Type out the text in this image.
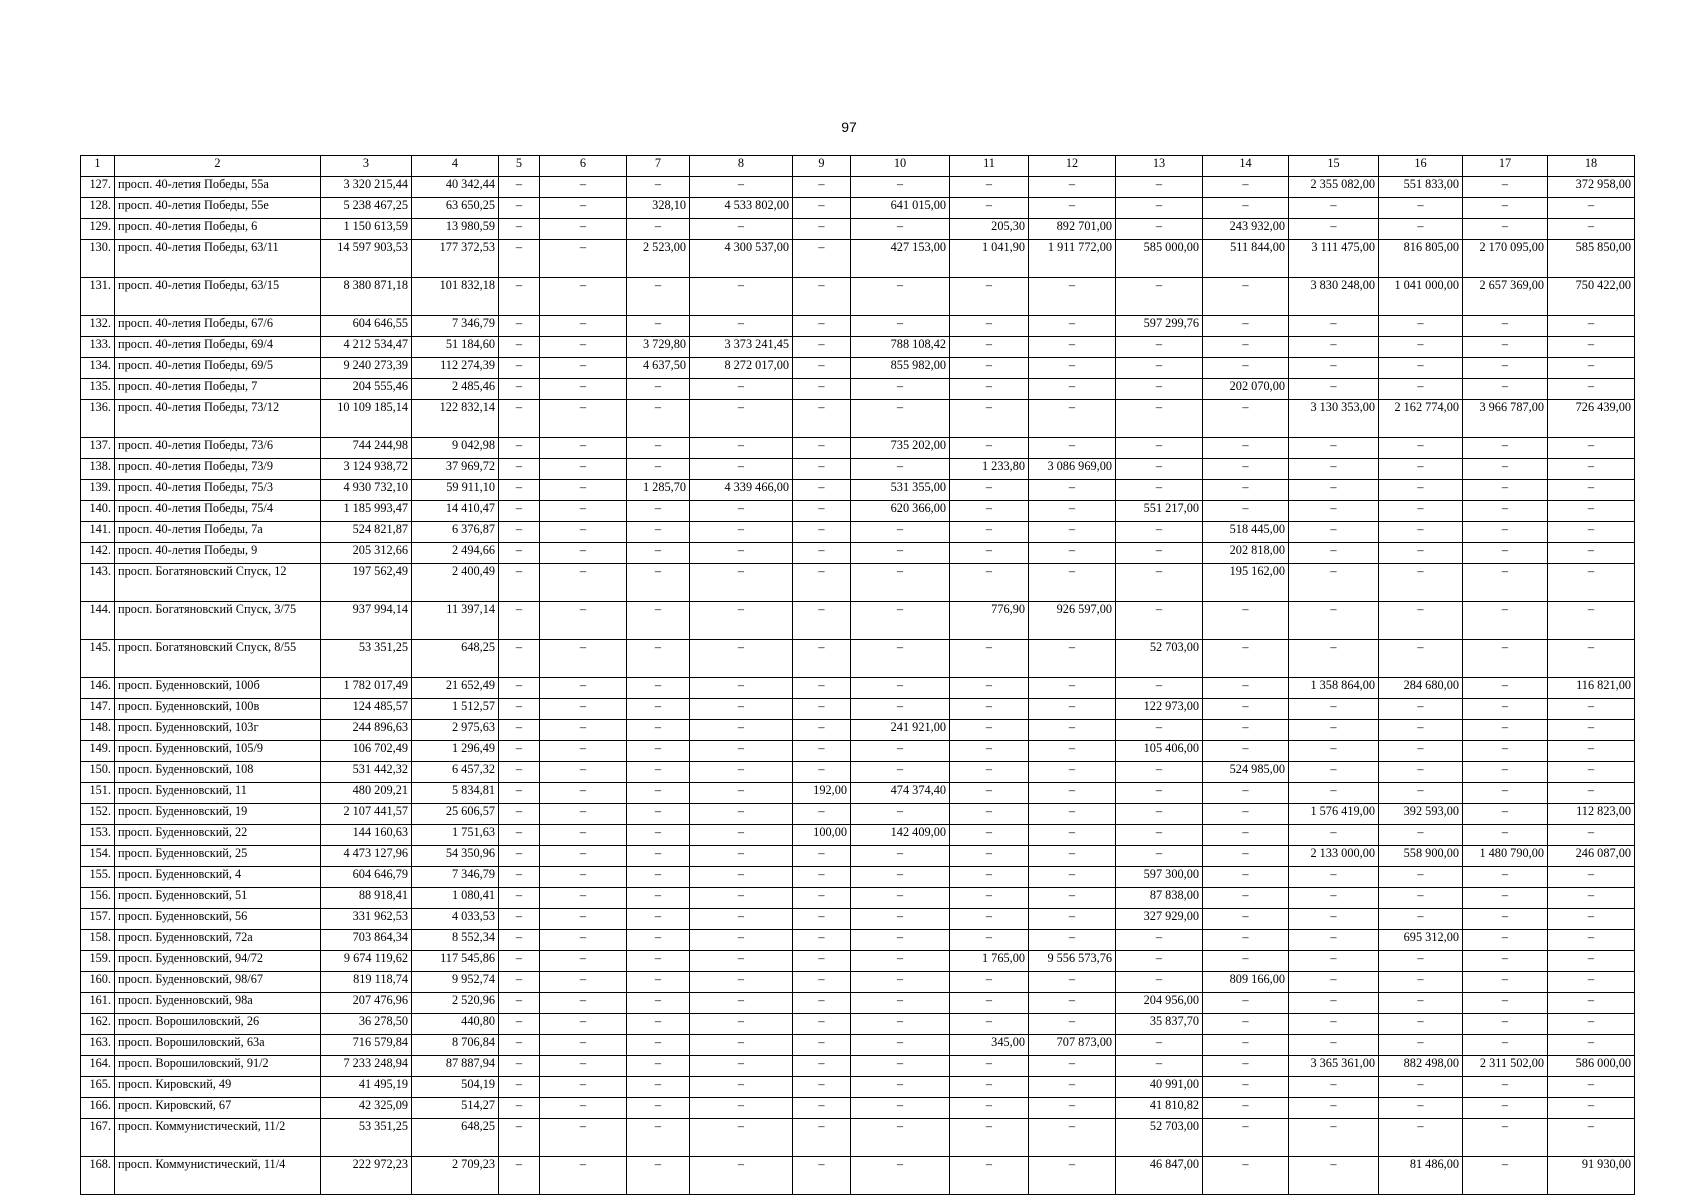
97
1	2	3	4	5	6	7	8	9	10	11	12	13	14	15	16	17	18
127.	просп. 40-летия Победы, 55а	3 320 215,44	40 342,44	–	–	–	–	–	–	–	–	–	–	2 355 082,00	551 833,00	–	372 958,00
128.	просп. 40-летия Победы, 55е	5 238 467,25	63 650,25	–	–	328,10	4 533 802,00	–	641 015,00	–	–	–	–	–	–	–	–
129.	просп. 40-летия Победы, 6	1 150 613,59	13 980,59	–	–	–	–	–	–	205,30	892 701,00	–	243 932,00	–	–	–	–
130.	просп. 40-летия Победы, 63/11	14 597 903,53	177 372,53	–	–	2 523,00	4 300 537,00	–	427 153,00	1 041,90	1 911 772,00	585 000,00	511 844,00	3 111 475,00	816 805,00	2 170 095,00	585 850,00
131.	просп. 40-летия Победы, 63/15	8 380 871,18	101 832,18	–	–	–	–	–	–	–	–	–	–	3 830 248,00	1 041 000,00	2 657 369,00	750 422,00
132.	просп. 40-летия Победы, 67/6	604 646,55	7 346,79	–	–	–	–	–	–	–	–	597 299,76	–	–	–	–	–
133.	просп. 40-летия Победы, 69/4	4 212 534,47	51 184,60	–	–	3 729,80	3 373 241,45	–	788 108,42	–	–	–	–	–	–	–	–
134.	просп. 40-летия Победы, 69/5	9 240 273,39	112 274,39	–	–	4 637,50	8 272 017,00	–	855 982,00	–	–	–	–	–	–	–	–
135.	просп. 40-летия Победы, 7	204 555,46	2 485,46	–	–	–	–	–	–	–	–	–	202 070,00	–	–	–	–
136.	просп. 40-летия Победы, 73/12	10 109 185,14	122 832,14	–	–	–	–	–	–	–	–	–	–	3 130 353,00	2 162 774,00	3 966 787,00	726 439,00
137.	просп. 40-летия Победы, 73/6	744 244,98	9 042,98	–	–	–	–	–	735 202,00	–	–	–	–	–	–	–	–
138.	просп. 40-летия Победы, 73/9	3 124 938,72	37 969,72	–	–	–	–	–	–	1 233,80	3 086 969,00	–	–	–	–	–	–
139.	просп. 40-летия Победы, 75/3	4 930 732,10	59 911,10	–	–	1 285,70	4 339 466,00	–	531 355,00	–	–	–	–	–	–	–	–
140.	просп. 40-летия Победы, 75/4	1 185 993,47	14 410,47	–	–	–	–	–	620 366,00	–	–	551 217,00	–	–	–	–	–
141.	просп. 40-летия Победы, 7а	524 821,87	6 376,87	–	–	–	–	–	–	–	–	–	518 445,00	–	–	–	–
142.	просп. 40-летия Победы, 9	205 312,66	2 494,66	–	–	–	–	–	–	–	–	–	202 818,00	–	–	–	–
143.	просп. Богатяновский Спуск, 12	197 562,49	2 400,49	–	–	–	–	–	–	–	–	–	195 162,00	–	–	–	–
144.	просп. Богатяновский Спуск, 3/75	937 994,14	11 397,14	–	–	–	–	–	–	776,90	926 597,00	–	–	–	–	–	–
145.	просп. Богатяновский Спуск, 8/55	53 351,25	648,25	–	–	–	–	–	–	–	–	52 703,00	–	–	–	–	–
146.	просп. Буденновский, 100б	1 782 017,49	21 652,49	–	–	–	–	–	–	–	–	–	–	1 358 864,00	284 680,00	–	116 821,00
147.	просп. Буденновский, 100в	124 485,57	1 512,57	–	–	–	–	–	–	–	–	122 973,00	–	–	–	–	–
148.	просп. Буденновский, 103г	244 896,63	2 975,63	–	–	–	–	–	241 921,00	–	–	–	–	–	–	–	–
149.	просп. Буденновский, 105/9	106 702,49	1 296,49	–	–	–	–	–	–	–	–	105 406,00	–	–	–	–	–
150.	просп. Буденновский, 108	531 442,32	6 457,32	–	–	–	–	–	–	–	–	–	524 985,00	–	–	–	–
151.	просп. Буденновский, 11	480 209,21	5 834,81	–	–	–	–	192,00	474 374,40	–	–	–	–	–	–	–	–
152.	просп. Буденновский, 19	2 107 441,57	25 606,57	–	–	–	–	–	–	–	–	–	–	1 576 419,00	392 593,00	–	112 823,00
153.	просп. Буденновский, 22	144 160,63	1 751,63	–	–	–	–	100,00	142 409,00	–	–	–	–	–	–	–	–
154.	просп. Буденновский, 25	4 473 127,96	54 350,96	–	–	–	–	–	–	–	–	–	–	2 133 000,00	558 900,00	1 480 790,00	246 087,00
155.	просп. Буденновский, 4	604 646,79	7 346,79	–	–	–	–	–	–	–	–	597 300,00	–	–	–	–	–
156.	просп. Буденновский, 51	88 918,41	1 080,41	–	–	–	–	–	–	–	–	87 838,00	–	–	–	–	–
157.	просп. Буденновский, 56	331 962,53	4 033,53	–	–	–	–	–	–	–	–	327 929,00	–	–	–	–	–
158.	просп. Буденновский, 72а	703 864,34	8 552,34	–	–	–	–	–	–	–	–	–	–	–	695 312,00	–	–
159.	просп. Буденновский, 94/72	9 674 119,62	117 545,86	–	–	–	–	–	–	1 765,00	9 556 573,76	–	–	–	–	–	–
160.	просп. Буденновский, 98/67	819 118,74	9 952,74	–	–	–	–	–	–	–	–	–	809 166,00	–	–	–	–
161.	просп. Буденновский, 98а	207 476,96	2 520,96	–	–	–	–	–	–	–	–	204 956,00	–	–	–	–	–
162.	просп. Ворошиловский, 26	36 278,50	440,80	–	–	–	–	–	–	–	–	35 837,70	–	–	–	–	–
163.	просп. Ворошиловский, 63а	716 579,84	8 706,84	–	–	–	–	–	–	345,00	707 873,00	–	–	–	–	–	–
164.	просп. Ворошиловский, 91/2	7 233 248,94	87 887,94	–	–	–	–	–	–	–	–	–	–	3 365 361,00	882 498,00	2 311 502,00	586 000,00
165.	просп. Кировский, 49	41 495,19	504,19	–	–	–	–	–	–	–	–	40 991,00	–	–	–	–	–
166.	просп. Кировский, 67	42 325,09	514,27	–	–	–	–	–	–	–	–	41 810,82	–	–	–	–	–
167.	просп. Коммунистический, 11/2	53 351,25	648,25	–	–	–	–	–	–	–	–	52 703,00	–	–	–	–	–
168.	просп. Коммунистический, 11/4	222 972,23	2 709,23	–	–	–	–	–	–	–	–	46 847,00	–	–	81 486,00	–	91 930,00
